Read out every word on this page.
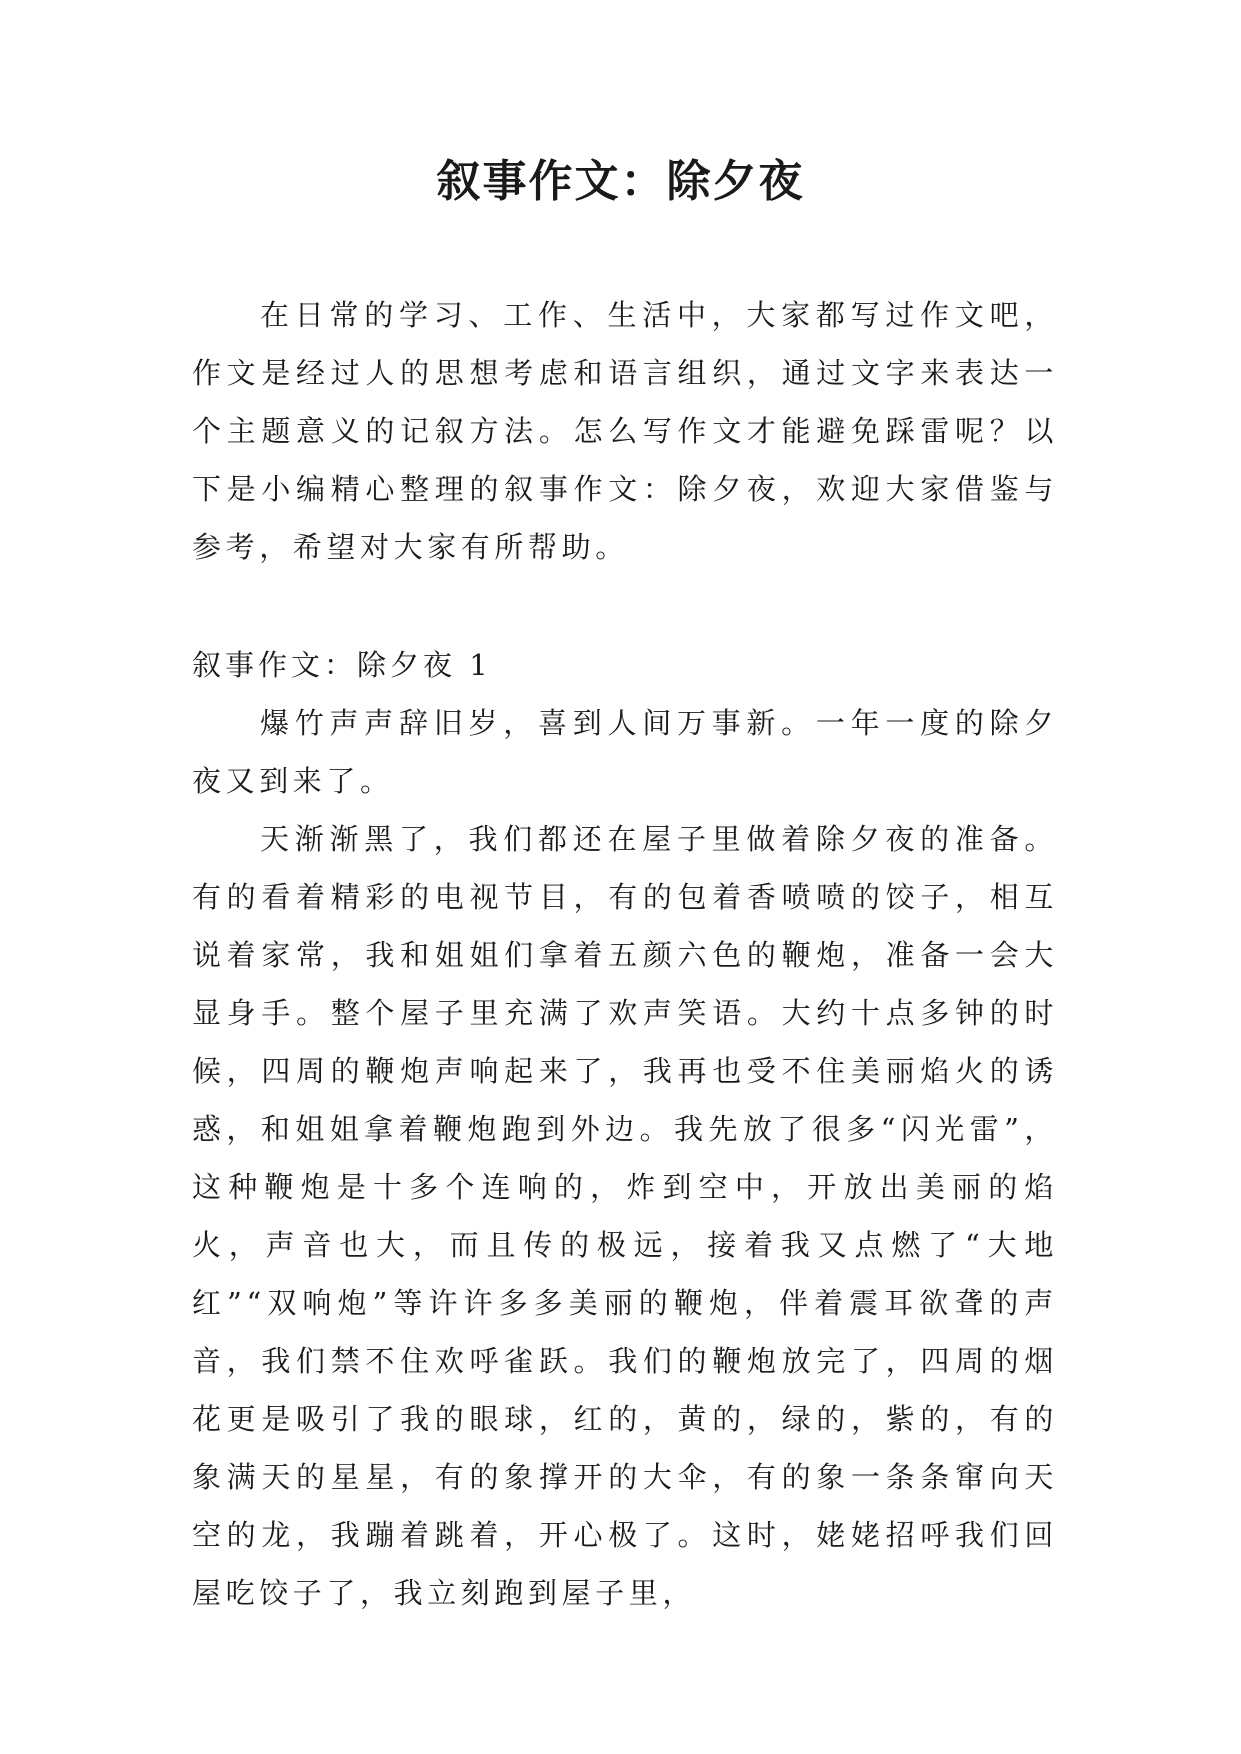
叙事作文：除夕夜

在日常的学习、工作、生活中，大家都写过作文吧，作文是经过人的思想考虑和语言组织，通过文字来表达一个主题意义的记叙方法。怎么写作文才能避免踩雷呢？以下是小编精心整理的叙事作文：除夕夜，欢迎大家借鉴与参考，希望对大家有所帮助。

叙事作文：除夕夜 1

爆竹声声辞旧岁，喜到人间万事新。一年一度的除夕夜又到来了。

天渐渐黑了，我们都还在屋子里做着除夕夜的准备。有的看着精彩的电视节目，有的包着香喷喷的饺子，相互说着家常，我和姐姐们拿着五颜六色的鞭炮，准备一会大显身手。整个屋子里充满了欢声笑语。大约十点多钟的时候，四周的鞭炮声响起来了，我再也受不住美丽焰火的诱惑，和姐姐拿着鞭炮跑到外边。我先放了很多“闪光雷”，这种鞭炮是十多个连响的，炸到空中，开放出美丽的焰火，声音也大，而且传的极远，接着我又点燃了“大地红”“双响炮”等许许多多美丽的鞭炮，伴着震耳欲聋的声音，我们禁不住欢呼雀跃。我们的鞭炮放完了，四周的烟花更是吸引了我的眼球，红的，黄的，绿的，紫的，有的象满天的星星，有的象撑开的大伞，有的象一条条窜向天空的龙，我蹦着跳着，开心极了。这时，姥姥招呼我们回屋吃饺子了，我立刻跑到屋子里，
